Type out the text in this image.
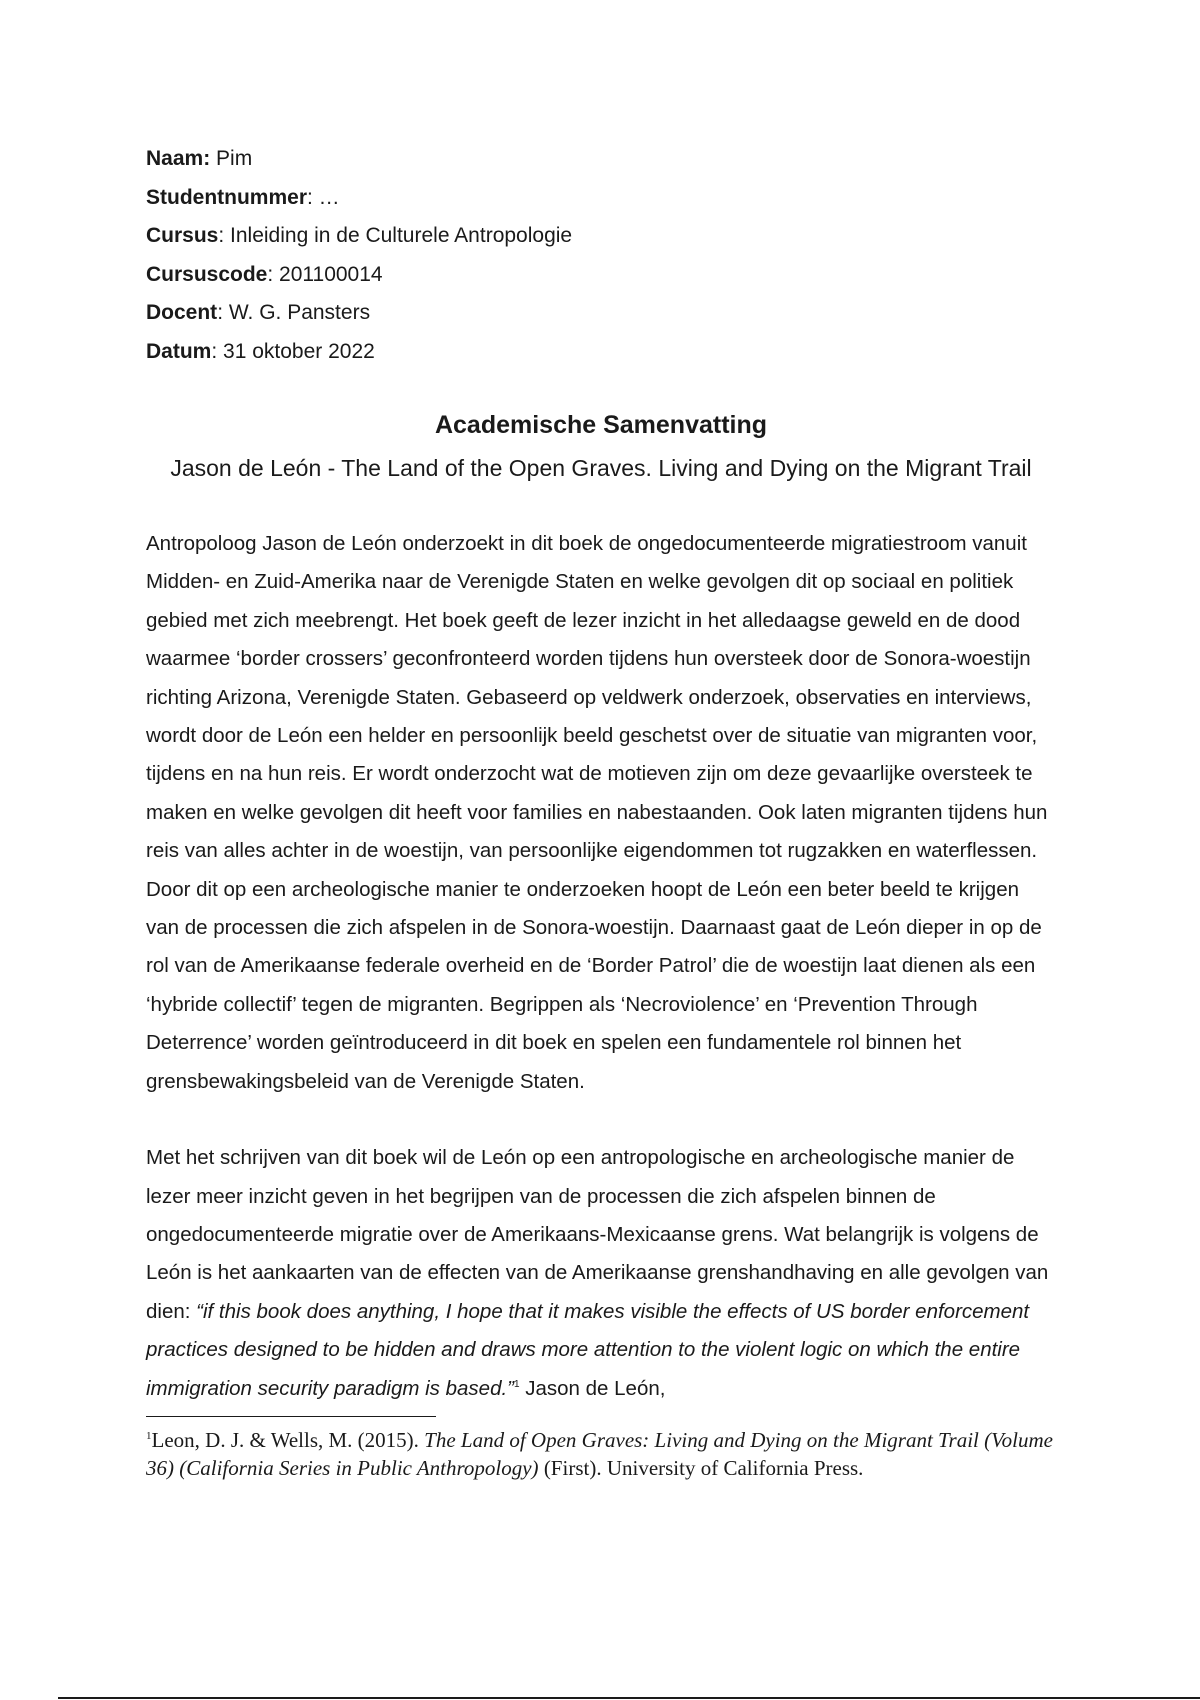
Naam: Pim
Studentnummer: …
Cursus: Inleiding in de Culturele Antropologie
Cursuscode: 201100014
Docent: W. G. Pansters
Datum: 31 oktober 2022
Academische Samenvatting
Jason de León - The Land of the Open Graves. Living and Dying on the Migrant Trail

Antropoloog Jason de León onderzoekt in dit boek de ongedocumenteerde migratiestroom vanuit Midden- en Zuid-Amerika naar de Verenigde Staten en welke gevolgen dit op sociaal en politiek gebied met zich meebrengt. Het boek geeft de lezer inzicht in het alledaagse geweld en de dood waarmee ‘border crossers’ geconfronteerd worden tijdens hun oversteek door de Sonora-woestijn richting Arizona, Verenigde Staten. Gebaseerd op veldwerk onderzoek, observaties en interviews, wordt door de León een helder en persoonlijk beeld geschetst over de situatie van migranten voor, tijdens en na hun reis. Er wordt onderzocht wat de motieven zijn om deze gevaarlijke oversteek te maken en welke gevolgen dit heeft voor families en nabestaanden. Ook laten migranten tijdens hun reis van alles achter in de woestijn, van persoonlijke eigendommen tot rugzakken en waterflessen. Door dit op een archeologische manier te onderzoeken hoopt de León een beter beeld te krijgen van de processen die zich afspelen in de Sonora-woestijn. Daarnaast gaat de León dieper in op de rol van de Amerikaanse federale overheid en de ‘Border Patrol’ die de woestijn laat dienen als een ‘hybride collectif’ tegen de migranten. Begrippen als ‘Necroviolence’ en ‘Prevention Through Deterrence’ worden geïntroduceerd in dit boek en spelen een fundamentele rol binnen het grensbewakingsbeleid van de Verenigde Staten.

Met het schrijven van dit boek wil de León op een antropologische en archeologische manier de lezer meer inzicht geven in het begrijpen van de processen die zich afspelen binnen de ongedocumenteerde migratie over de Amerikaans-Mexicaanse grens. Wat belangrijk is volgens de León is het aankaarten van de effecten van de Amerikaanse grenshandhaving en alle gevolgen van dien: “if this book does anything, I hope that it makes visible the effects of US border enforcement practices designed to be hidden and draws more attention to the violent logic on which the entire immigration security paradigm is based.”$^1$ Jason de León,

$^1$Leon, D. J. & Wells, M. (2015). The Land of Open Graves: Living and Dying on the Migrant Trail (Volume 36) (California Series in Public Anthropology) (First). University of California Press.
